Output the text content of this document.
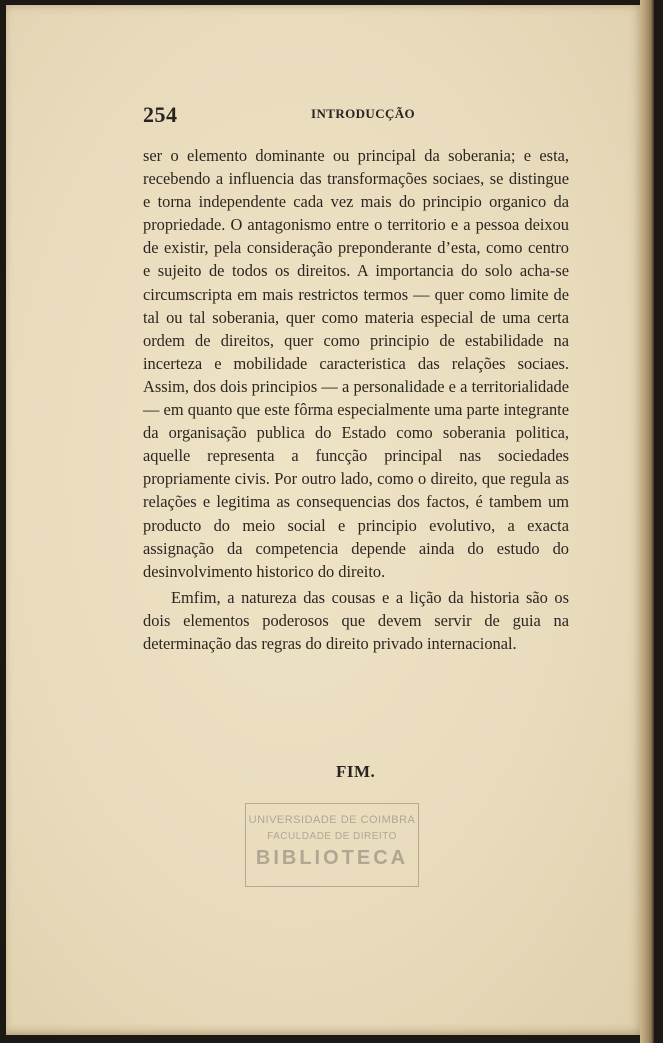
254	INTRODUCÇÃO

ser o elemento dominante ou principal da soberania; e esta, recebendo a influencia das transformações sociaes, se distingue e torna independente cada vez mais do principio organico da propriedade. O antagonismo entre o territorio e a pessoa deixou de existir, pela consideração preponderante d’esta, como centro e sujeito de todos os direitos. A importancia do solo acha-se circumscripta em mais restrictos termos — quer como limite de tal ou tal soberania, quer como materia especial de uma certa ordem de direitos, quer como principio de estabilidade na incerteza e mobilidade caracteristica das relações sociaes. Assim, dos dois principios — a personalidade e a territorialidade — em quanto que este fôrma especialmente uma parte integrante da organisação publica do Estado como soberania politica, aquelle representa a funcção principal nas sociedades propriamente civis. Por outro lado, como o direito, que regula as relações e legitima as consequencias dos factos, é tambem um producto do meio social e principio evolutivo, a exacta assignação da competencia depende ainda do estudo do desinvolvimento historico do direito.

Emfim, a natureza das cousas e a lição da historia são os dois elementos poderosos que devem servir de guia na determinação das regras do direito privado internacional.

FIM.
UNIVERSIDADE DE COIMBRA
FACULDADE DE DIREITO
BIBLIOTECA
